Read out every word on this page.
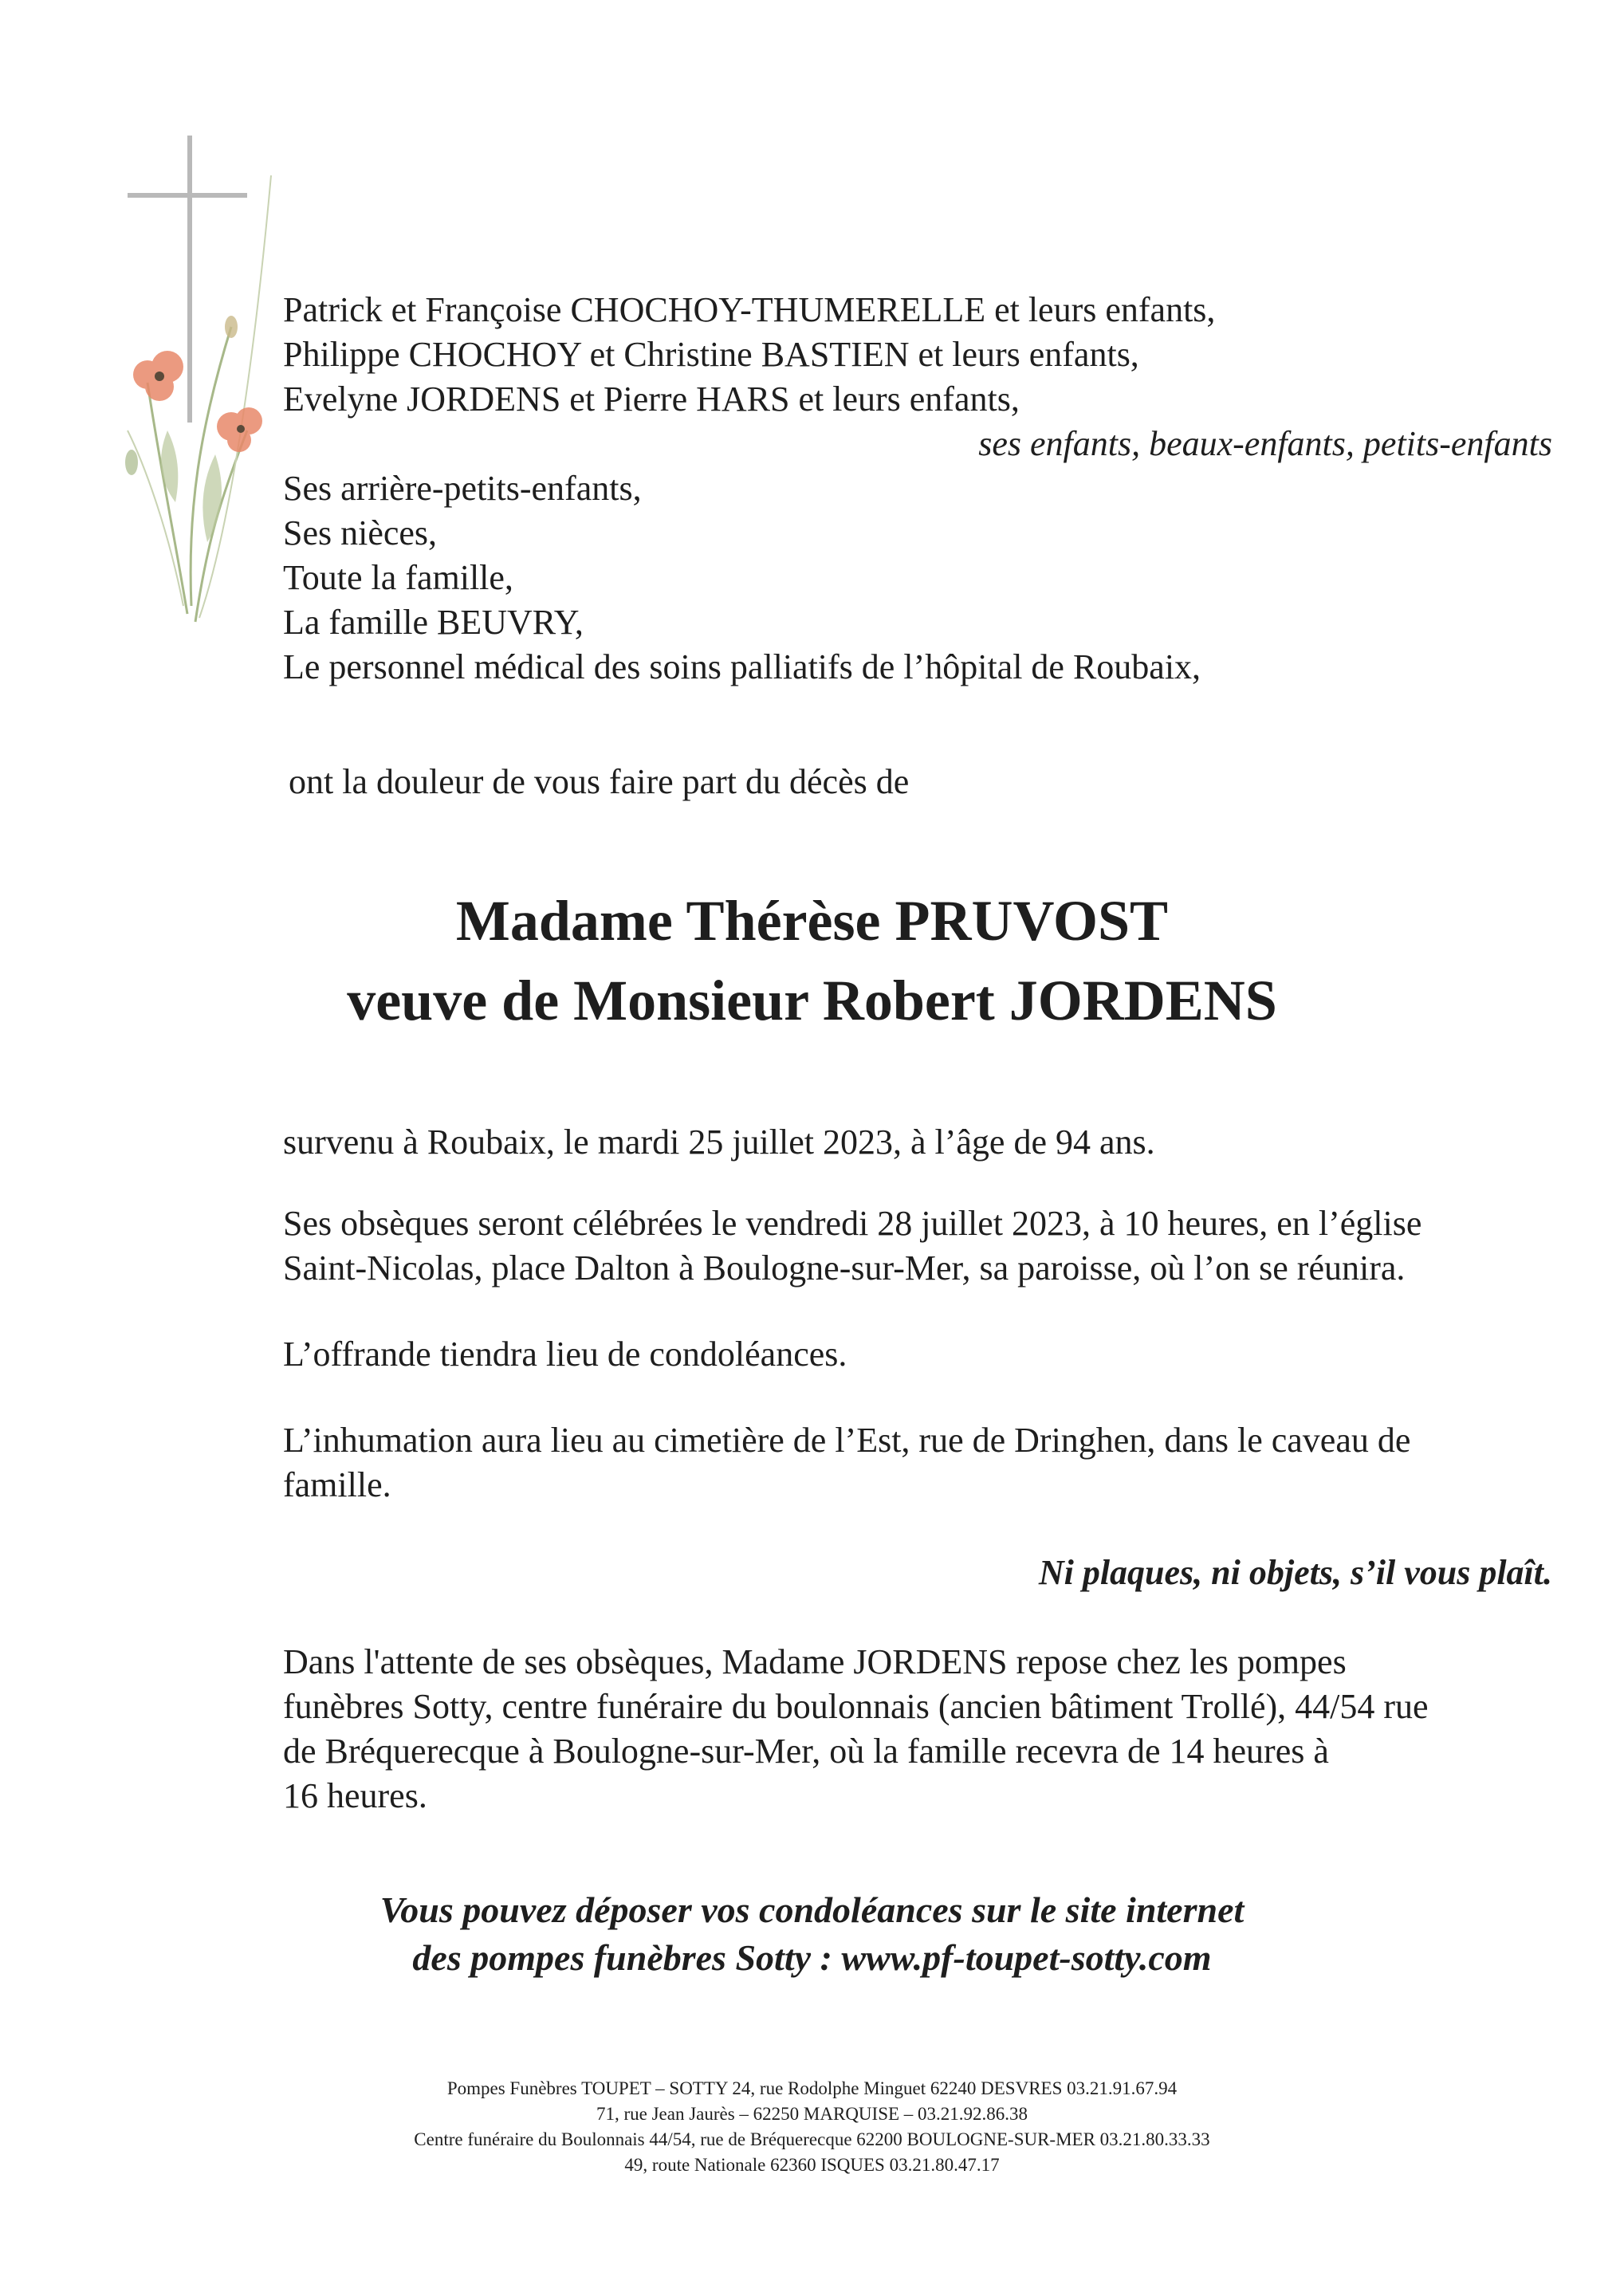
Patrick et Françoise CHOCHOY-THUMERELLE et leurs enfants,
Philippe CHOCHOY et Christine BASTIEN et leurs enfants,
Evelyne JORDENS et Pierre HARS et leurs enfants,
ses enfants, beaux-enfants, petits-enfants
Ses arrière-petits-enfants,
Ses nièces,
Toute la famille,
La famille BEUVRY,
Le personnel médical des soins palliatifs de l’hôpital de Roubaix,
ont la douleur de vous faire part du décès de
Madame Thérèse PRUVOST
veuve de Monsieur Robert JORDENS
survenu à Roubaix, le mardi 25 juillet 2023, à l’âge de 94 ans.
Ses obsèques seront célébrées le vendredi 28 juillet 2023, à 10 heures, en l’église
Saint-Nicolas, place Dalton à Boulogne-sur-Mer, sa paroisse, où l’on se réunira.
L’offrande tiendra lieu de condoléances.
L’inhumation aura lieu au cimetière de l’Est, rue de Dringhen, dans le caveau de
famille.
Ni plaques, ni objets, s’il vous plaît.
Dans l'attente de ses obsèques, Madame JORDENS repose chez les pompes
funèbres Sotty, centre funéraire du boulonnais (ancien bâtiment Trollé), 44/54 rue
de Bréquerecque à Boulogne-sur-Mer, où la famille recevra de 14 heures à
16 heures.
Vous pouvez déposer vos condoléances sur le site internet
des pompes funèbres Sotty : www.pf-toupet-sotty.com
Pompes Funèbres TOUPET – SOTTY 24, rue Rodolphe Minguet 62240 DESVRES 03.21.91.67.94
71, rue Jean Jaurès – 62250 MARQUISE – 03.21.92.86.38
Centre funéraire du Boulonnais 44/54, rue de Bréquerecque 62200 BOULOGNE-SUR-MER 03.21.80.33.33
49, route Nationale 62360 ISQUES 03.21.80.47.17
